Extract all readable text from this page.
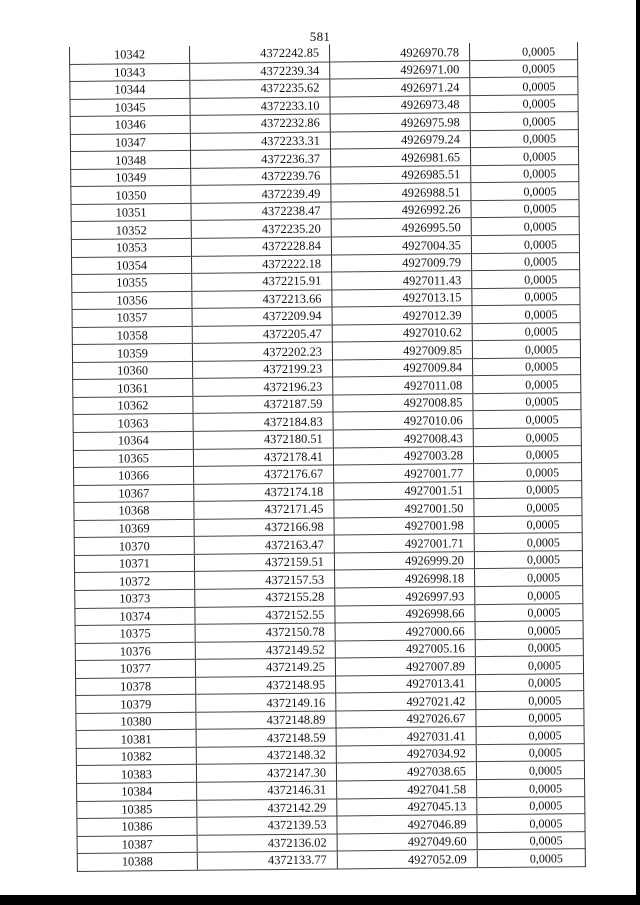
581
10342	4372242.85	4926970.78	0,0005
10343	4372239.34	4926971.00	0,0005
10344	4372235.62	4926971.24	0,0005
10345	4372233.10	4926973.48	0,0005
10346	4372232.86	4926975.98	0,0005
10347	4372233.31	4926979.24	0,0005
10348	4372236.37	4926981.65	0,0005
10349	4372239.76	4926985.51	0,0005
10350	4372239.49	4926988.51	0,0005
10351	4372238.47	4926992.26	0,0005
10352	4372235.20	4926995.50	0,0005
10353	4372228.84	4927004.35	0,0005
10354	4372222.18	4927009.79	0,0005
10355	4372215.91	4927011.43	0,0005
10356	4372213.66	4927013.15	0,0005
10357	4372209.94	4927012.39	0,0005
10358	4372205.47	4927010.62	0,0005
10359	4372202.23	4927009.85	0,0005
10360	4372199.23	4927009.84	0,0005
10361	4372196.23	4927011.08	0,0005
10362	4372187.59	4927008.85	0,0005
10363	4372184.83	4927010.06	0,0005
10364	4372180.51	4927008.43	0,0005
10365	4372178.41	4927003.28	0,0005
10366	4372176.67	4927001.77	0,0005
10367	4372174.18	4927001.51	0,0005
10368	4372171.45	4927001.50	0,0005
10369	4372166.98	4927001.98	0,0005
10370	4372163.47	4927001.71	0,0005
10371	4372159.51	4926999.20	0,0005
10372	4372157.53	4926998.18	0,0005
10373	4372155.28	4926997.93	0,0005
10374	4372152.55	4926998.66	0,0005
10375	4372150.78	4927000.66	0,0005
10376	4372149.52	4927005.16	0,0005
10377	4372149.25	4927007.89	0,0005
10378	4372148.95	4927013.41	0,0005
10379	4372149.16	4927021.42	0,0005
10380	4372148.89	4927026.67	0,0005
10381	4372148.59	4927031.41	0,0005
10382	4372148.32	4927034.92	0,0005
10383	4372147.30	4927038.65	0,0005
10384	4372146.31	4927041.58	0,0005
10385	4372142.29	4927045.13	0,0005
10386	4372139.53	4927046.89	0,0005
10387	4372136.02	4927049.60	0,0005
10388	4372133.77	4927052.09	0,0005
